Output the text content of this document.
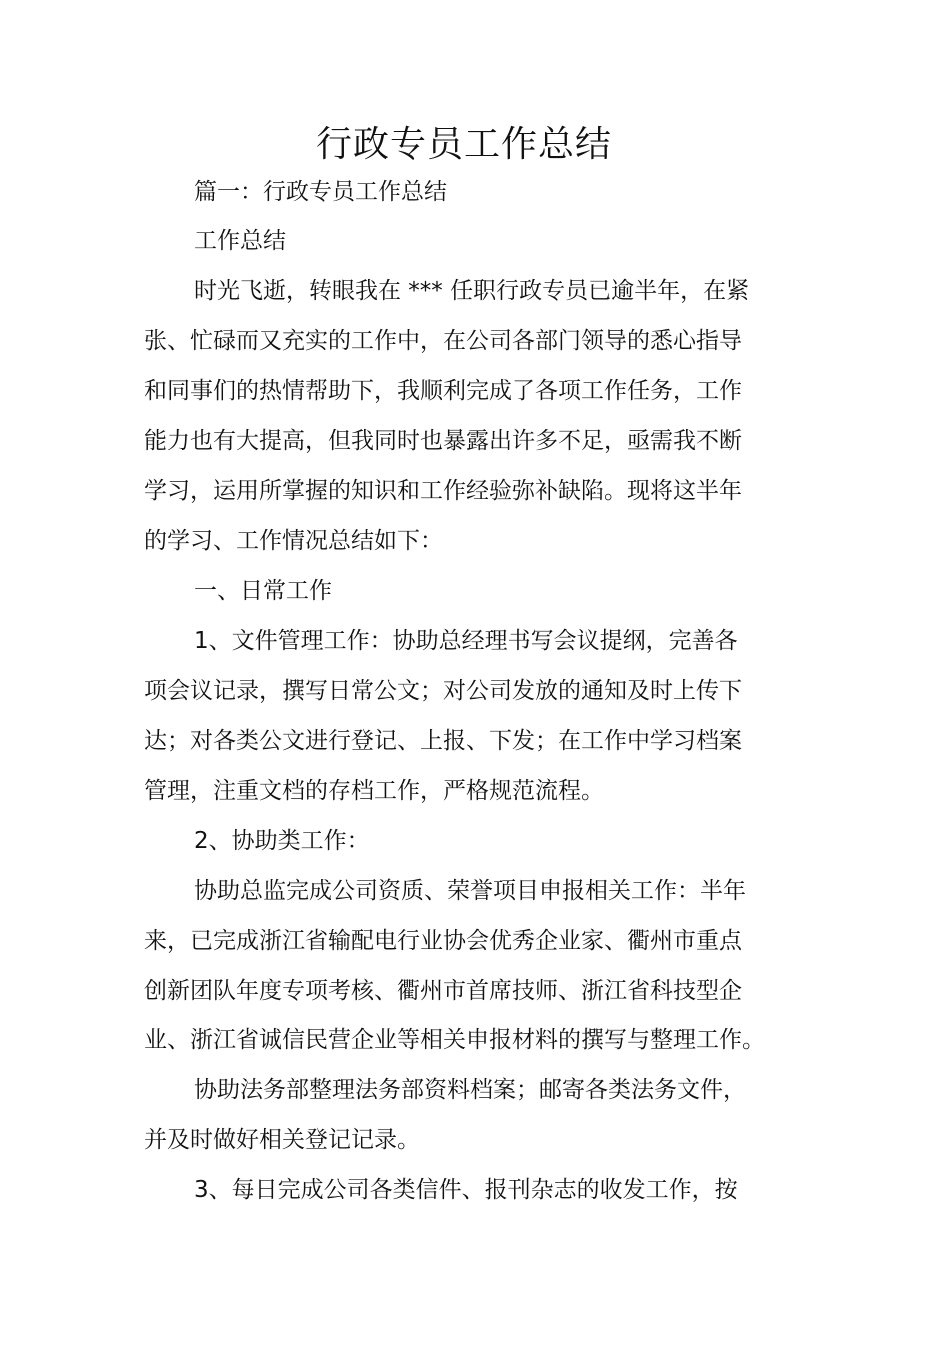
行政专员工作总结
篇一：行政专员工作总结
工作总结
时光飞逝，转眼我在 *** 任职行政专员已逾半年，在紧
张、忙碌而又充实的工作中，在公司各部门领导的悉心指导
和同事们的热情帮助下，我顺利完成了各项工作任务，工作
能力也有大提高，但我同时也暴露出许多不足，亟需我不断
学习，运用所掌握的知识和工作经验弥补缺陷。现将这半年
的学习、工作情况总结如下：
一、日常工作
1、文件管理工作：协助总经理书写会议提纲，完善各
项会议记录，撰写日常公文；对公司发放的通知及时上传下
达；对各类公文进行登记、上报、下发；在工作中学习档案
管理，注重文档的存档工作，严格规范流程。
2、协助类工作：
协助总监完成公司资质、荣誉项目申报相关工作：半年
来，已完成浙江省输配电行业协会优秀企业家、衢州市重点
创新团队年度专项考核、衢州市首席技师、浙江省科技型企
业、浙江省诚信民营企业等相关申报材料的撰写与整理工作。
协助法务部整理法务部资料档案；邮寄各类法务文件，
并及时做好相关登记记录。
3、每日完成公司各类信件、报刊杂志的收发工作，按
